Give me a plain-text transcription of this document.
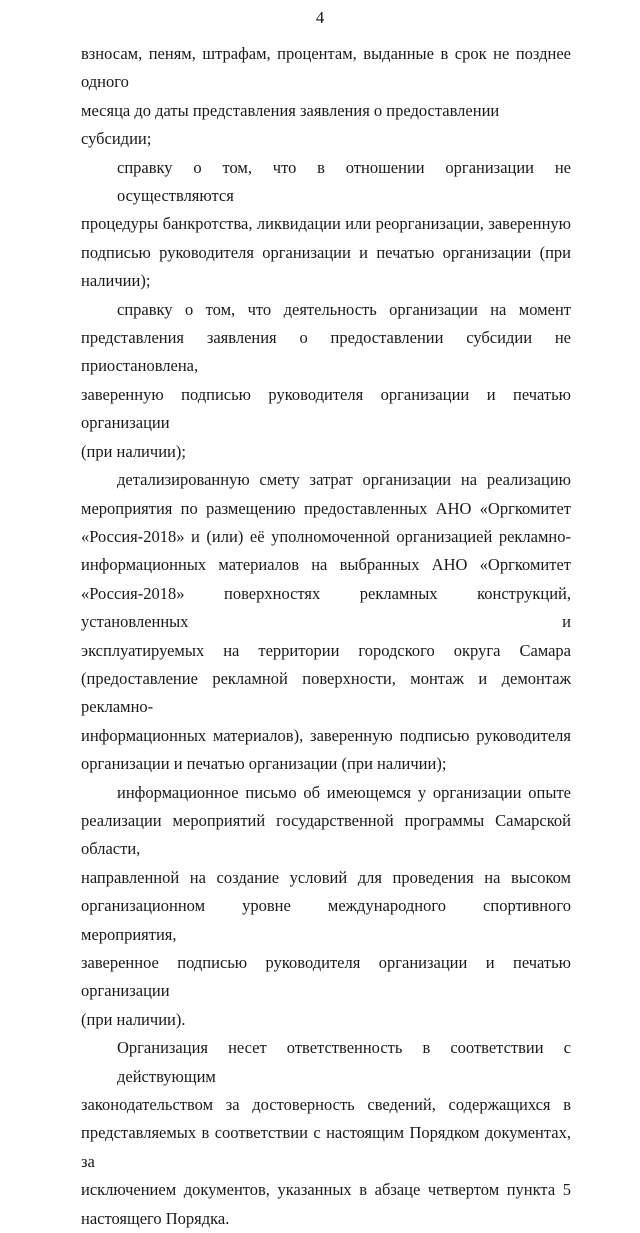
4
взносам, пеням, штрафам, процентам, выданные в срок не позднее одного
месяца до даты представления заявления о предоставлении субсидии;
справку о том, что в отношении организации не осуществляются
процедуры банкротства, ликвидации или реорганизации, заверенную
подписью руководителя организации и печатью организации (при
наличии);
справку о том, что деятельность организации на момент
представления заявления о предоставлении субсидии не приостановлена,
заверенную подписью руководителя организации и печатью организации
(при наличии);
детализированную смету затрат организации на реализацию
мероприятия по размещению предоставленных АНО «Оргкомитет
«Россия-2018» и (или) её уполномоченной организацией рекламно-
информационных материалов на выбранных АНО «Оргкомитет
«Россия-2018» поверхностях рекламных конструкций, установленных и
эксплуатируемых на территории городского округа Самара
(предоставление рекламной поверхности, монтаж и демонтаж рекламно-
информационных материалов), заверенную подписью руководителя
организации и печатью организации (при наличии);
информационное письмо об имеющемся у организации опыте
реализации мероприятий государственной программы Самарской области,
направленной на создание условий для проведения на высоком
организационном уровне международного спортивного мероприятия,
заверенное подписью руководителя организации и печатью организации
(при наличии).
Организация несет ответственность в соответствии с действующим
законодательством за достоверность сведений, содержащихся в
представляемых в соответствии с настоящим Порядком документах, за
исключением документов, указанных в абзаце четвертом пункта 5
настоящего Порядка.
